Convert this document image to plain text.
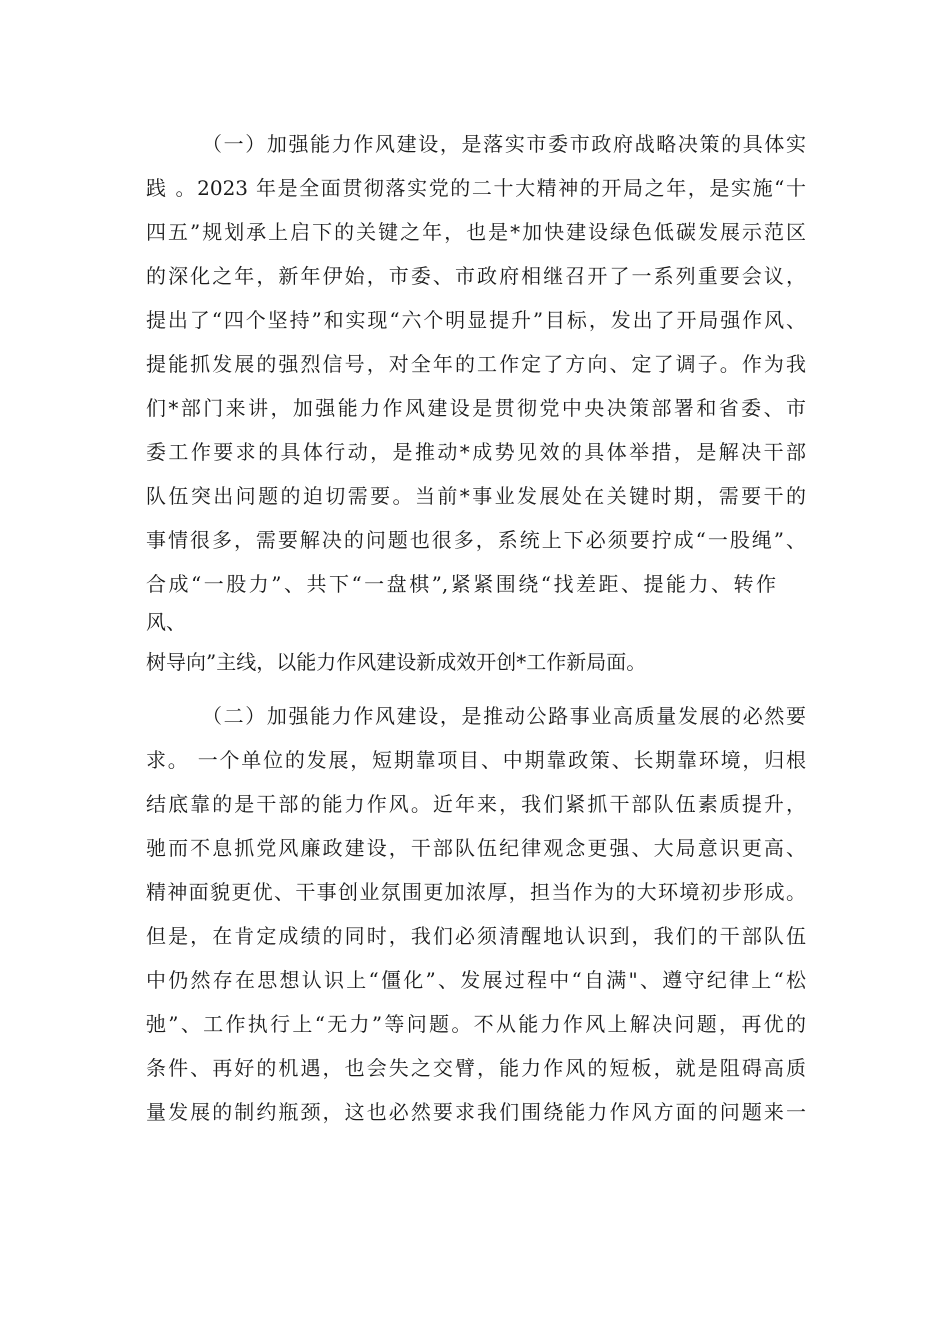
（一）加强能力作风建设，是落实市委市政府战略决策的具体实
践 。2023 年是全面贯彻落实党的二十大精神的开局之年，是实施“十
四五”规划承上启下的关键之年，也是*加快建设绿色低碳发展示范区
的深化之年，新年伊始，市委、市政府相继召开了一系列重要会议，
提出了“四个坚持”和实现“六个明显提升”目标，发出了开局强作风、
提能抓发展的强烈信号，对全年的工作定了方向、定了调子。作为我
们*部门来讲，加强能力作风建设是贯彻党中央决策部署和省委、市
委工作要求的具体行动，是推动*成势见效的具体举措，是解决干部
队伍突出问题的迫切需要。当前*事业发展处在关键时期，需要干的
事情很多，需要解决的问题也很多，系统上下必须要拧成“一股绳”、
合成“一股力”、共下“一盘棋”,紧紧围绕“找差距、提能力、转作
风、
树导向”主线，以能力作风建设新成效开创*工作新局面。
（二）加强能力作风建设，是推动公路事业高质量发展的必然要
求。 一个单位的发展，短期靠项目、中期靠政策、长期靠环境，归根
结底靠的是干部的能力作风。近年来，我们紧抓干部队伍素质提升，
驰而不息抓党风廉政建设，干部队伍纪律观念更强、大局意识更高、
精神面貌更优、干事创业氛围更加浓厚，担当作为的大环境初步形成。
但是，在肯定成绩的同时，我们必须清醒地认识到，我们的干部队伍
中仍然存在思想认识上“僵化”、发展过程中“自满"、遵守纪律上“松
弛”、工作执行上“无力”等问题。不从能力作风上解决问题，再优的
条件、再好的机遇，也会失之交臂，能力作风的短板，就是阻碍高质
量发展的制约瓶颈，这也必然要求我们围绕能力作风方面的问题来一
